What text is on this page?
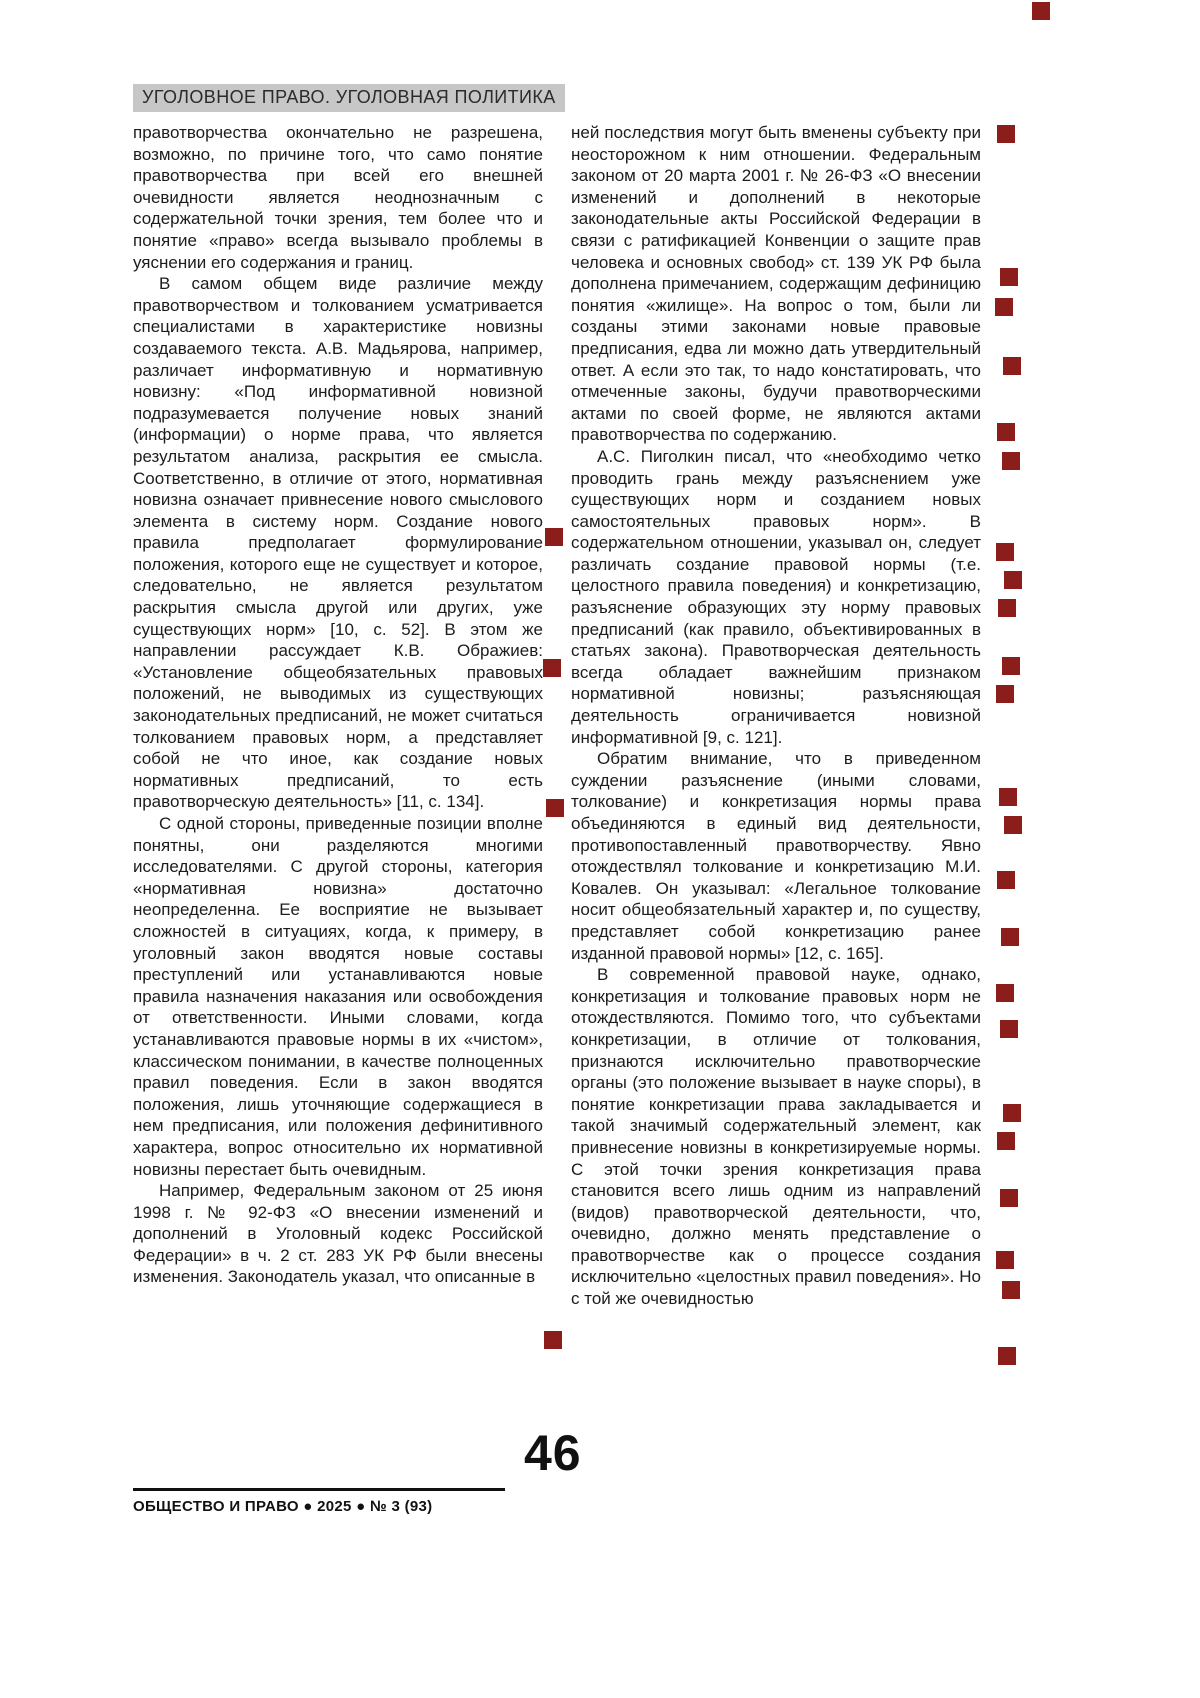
УГОЛОВНОЕ ПРАВО. УГОЛОВНАЯ ПОЛИТИКА

правотворчества окончательно не разрешена, возможно, по причине того, что само понятие правотворчества при всей его внешней очевидности является неоднозначным с содержательной точки зрения, тем более что и понятие «право» всегда вызывало проблемы в уяснении его содержания и границ.

В самом общем виде различие между правотворчеством и толкованием усматривается специалистами в характеристике новизны создаваемого текста. А.В. Мадьярова, например, различает информативную и нормативную новизну: «Под информативной новизной подразумевается получение новых знаний (информации) о норме права, что является результатом анализа, раскрытия ее смысла. Соответственно, в отличие от этого, нормативная новизна означает привнесение нового смыслового элемента в систему норм. Создание нового правила предполагает формулирование положения, которого еще не существует и которое, следовательно, не является результатом раскрытия смысла другой или других, уже существующих норм» [10, с. 52]. В этом же направлении рассуждает К.В. Ображиев: «Установление общеобязательных правовых положений, не выводимых из существующих законодательных предписаний, не может считаться толкованием правовых норм, а представляет собой не что иное, как создание новых нормативных предписаний, то есть правотворческую деятельность» [11, с. 134].

С одной стороны, приведенные позиции вполне понятны, они разделяются многими исследователями. С другой стороны, категория «нормативная новизна» достаточно неопределенна. Ее восприятие не вызывает сложностей в ситуациях, когда, к примеру, в уголовный закон вводятся новые составы преступлений или устанавливаются новые правила назначения наказания или освобождения от ответственности. Иными словами, когда устанавливаются правовые нормы в их «чистом», классическом понимании, в качестве полноценных правил поведения. Если в закон вводятся положения, лишь уточняющие содержащиеся в нем предписания, или положения дефинитивного характера, вопрос относительно их нормативной новизны перестает быть очевидным.

Например, Федеральным законом от 25 июня 1998 г. № 92-ФЗ «О внесении изменений и дополнений в Уголовный кодекс Российской Федерации» в ч. 2 ст. 283 УК РФ были внесены изменения. Законодатель указал, что описанные в

ней последствия могут быть вменены субъекту при неосторожном к ним отношении. Федеральным законом от 20 марта 2001 г. № 26-ФЗ «О внесении изменений и дополнений в некоторые законодательные акты Российской Федерации в связи с ратификацией Конвенции о защите прав человека и основных свобод» ст. 139 УК РФ была дополнена примечанием, содержащим дефиницию понятия «жилище». На вопрос о том, были ли созданы этими законами новые правовые предписания, едва ли можно дать утвердительный ответ. А если это так, то надо констатировать, что отмеченные законы, будучи правотворческими актами по своей форме, не являются актами правотворчества по содержанию.

А.С. Пиголкин писал, что «необходимо четко проводить грань между разъяснением уже существующих норм и созданием новых самостоятельных правовых норм». В содержательном отношении, указывал он, следует различать создание правовой нормы (т.е. целостного правила поведения) и конкретизацию, разъяснение образующих эту норму правовых предписаний (как правило, объективированных в статьях закона). Правотворческая деятельность всегда обладает важнейшим признаком нормативной новизны; разъясняющая деятельность ограничивается новизной информативной [9, с. 121].

Обратим внимание, что в приведенном суждении разъяснение (иными словами, толкование) и конкретизация нормы права объединяются в единый вид деятельности, противопоставленный правотворчеству. Явно отождествлял толкование и конкретизацию М.И. Ковалев. Он указывал: «Легальное толкование носит общеобязательный характер и, по существу, представляет собой конкретизацию ранее изданной правовой нормы» [12, с. 165].

В современной правовой науке, однако, конкретизация и толкование правовых норм не отождествляются. Помимо того, что субъектами конкретизации, в отличие от толкования, признаются исключительно правотворческие органы (это положение вызывает в науке споры), в понятие конкретизации права закладывается и такой значимый содержательный элемент, как привнесение новизны в конкретизируемые нормы. С этой точки зрения конкретизация права становится всего лишь одним из направлений (видов) правотворческой деятельности, что, очевидно, должно менять представление о правотворчестве как о процессе создания исключительно «целостных правил поведения». Но с той же очевидностью

46
ОБЩЕСТВО И ПРАВО ● 2025 ● № 3 (93)
